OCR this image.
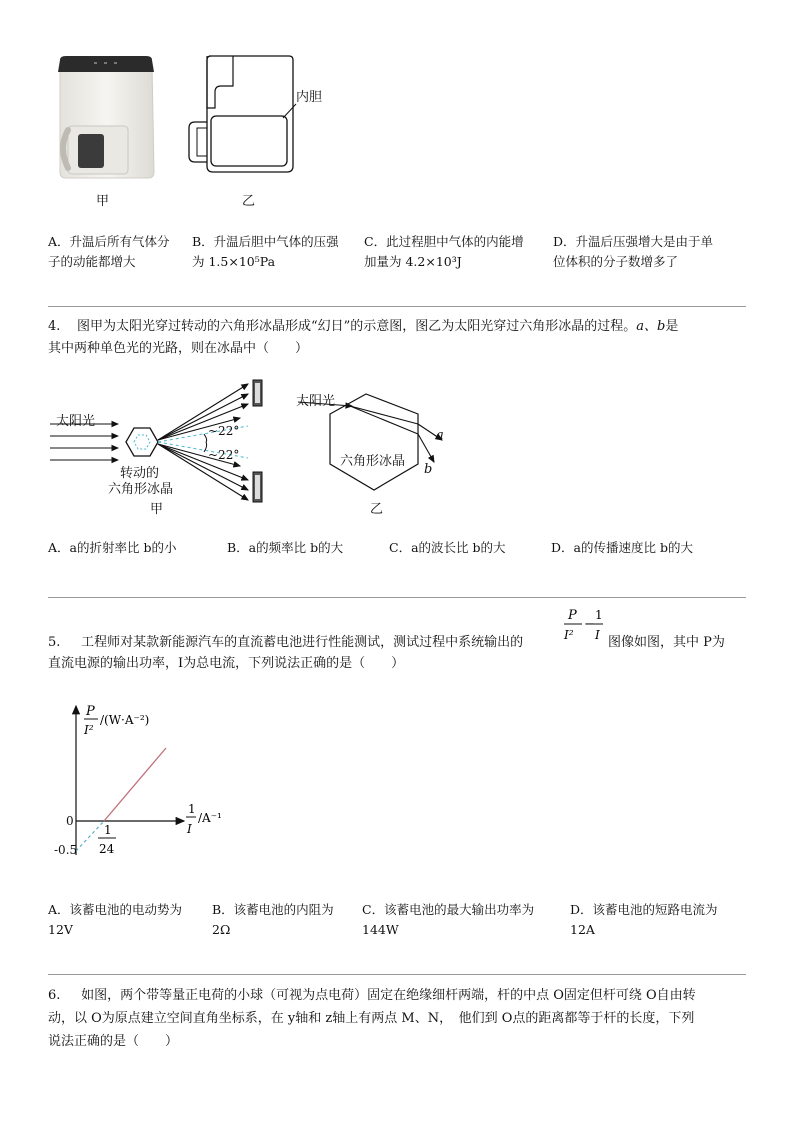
甲
内胆
乙
A．升温后所有气体分
子的动能都增大
B．升温后胆中气体的压强
为 1.5×10⁵Pa
C．此过程胆中气体的内能增
加量为 4.2×10³J
D．升温后压强增大是由于单
位体积的分子数增多了
4. 图甲为太阳光穿过转动的六角形冰晶形成“幻日”的示意图，图乙为太阳光穿过六角形冰晶的过程。a、b是
其中两种单色光的光路，则在冰晶中（　　）
太阳光
~22°
~22°
转动的
六角形冰晶
甲
太阳光
六角形冰晶
a
b
乙
A．a的折射率比 b的小	B．a的频率比 b的大	C．a的波长比 b的大	D．a的传播速度比 b的大
5. 工程师对某款新能源汽车的直流蓄电池进行性能测试，测试过程中系统输出的
P
I²
−
1
I 图像如图，其中 P为
直流电源的输出功率，I为总电流，下列说法正确的是（　　）
P
I²
/(W·A⁻²)
1
I
/A⁻¹
0
-0.5
1
24
A．该蓄电池的电动势为
12V
B．该蓄电池的内阻为
2Ω
C．该蓄电池的最大输出功率为
144W
D．该蓄电池的短路电流为
12A
6. 如图，两个带等量正电荷的小球（可视为点电荷）固定在绝缘细杆两端，杆的中点 O固定但杆可绕 O自由转
动，以 O为原点建立空间直角坐标系，在 y轴和 z轴上有两点 M、N，　他们到 O点的距离都等于杆的长度，下列
说法正确的是（　　）
